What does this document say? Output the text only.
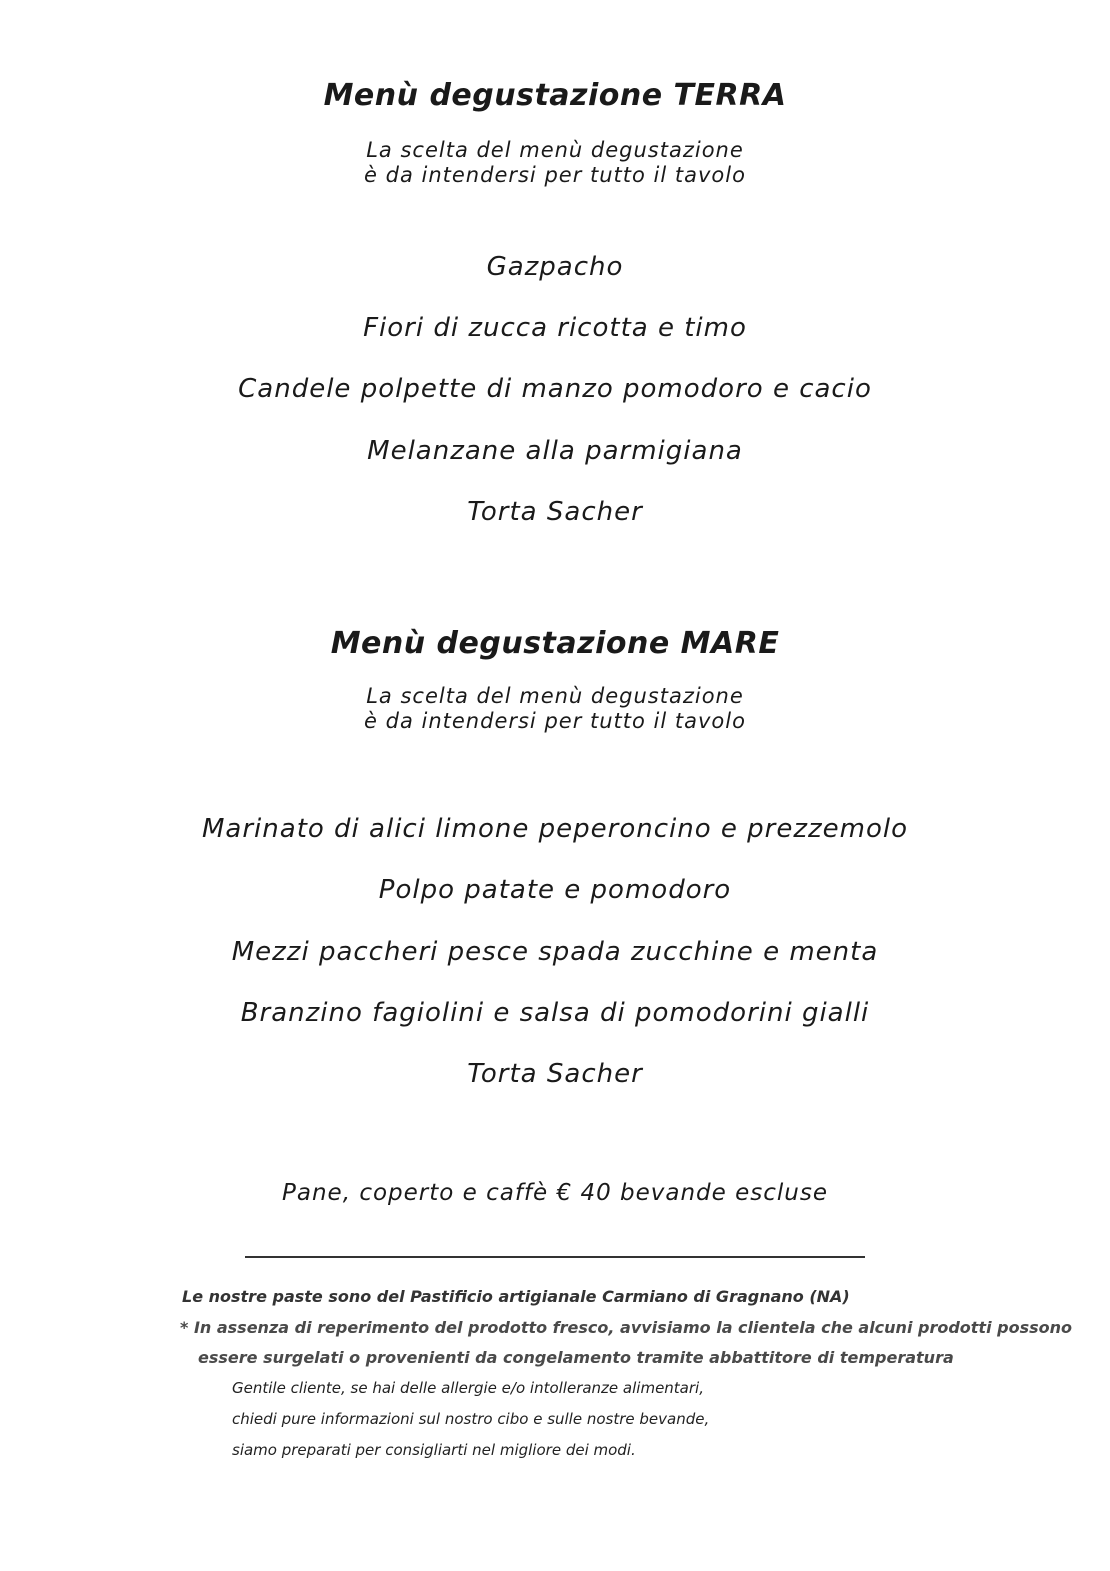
Menù degustazione TERRA
La scelta del menù degustazione
è da intendersi per tutto il tavolo
Gazpacho
Fiori di zucca ricotta e timo
Candele polpette di manzo pomodoro e cacio
Melanzane alla parmigiana
Torta Sacher
Menù degustazione MARE
La scelta del menù degustazione
è da intendersi per tutto il tavolo
Marinato di alici limone peperoncino e prezzemolo
Polpo patate e pomodoro
Mezzi paccheri pesce spada zucchine e menta
Branzino fagiolini e salsa di pomodorini gialli
Torta Sacher
Pane, coperto e caffè € 40 bevande escluse
Le nostre paste sono del Pastificio artigianale Carmiano di Gragnano (NA)
* In assenza di reperimento del prodotto fresco, avvisiamo la clientela che alcuni prodotti possono
essere surgelati o provenienti da congelamento tramite abbattitore di temperatura
Gentile cliente, se hai delle allergie e/o intolleranze alimentari,
chiedi pure informazioni sul nostro cibo e sulle nostre bevande,
siamo preparati per consigliarti nel migliore dei modi.
